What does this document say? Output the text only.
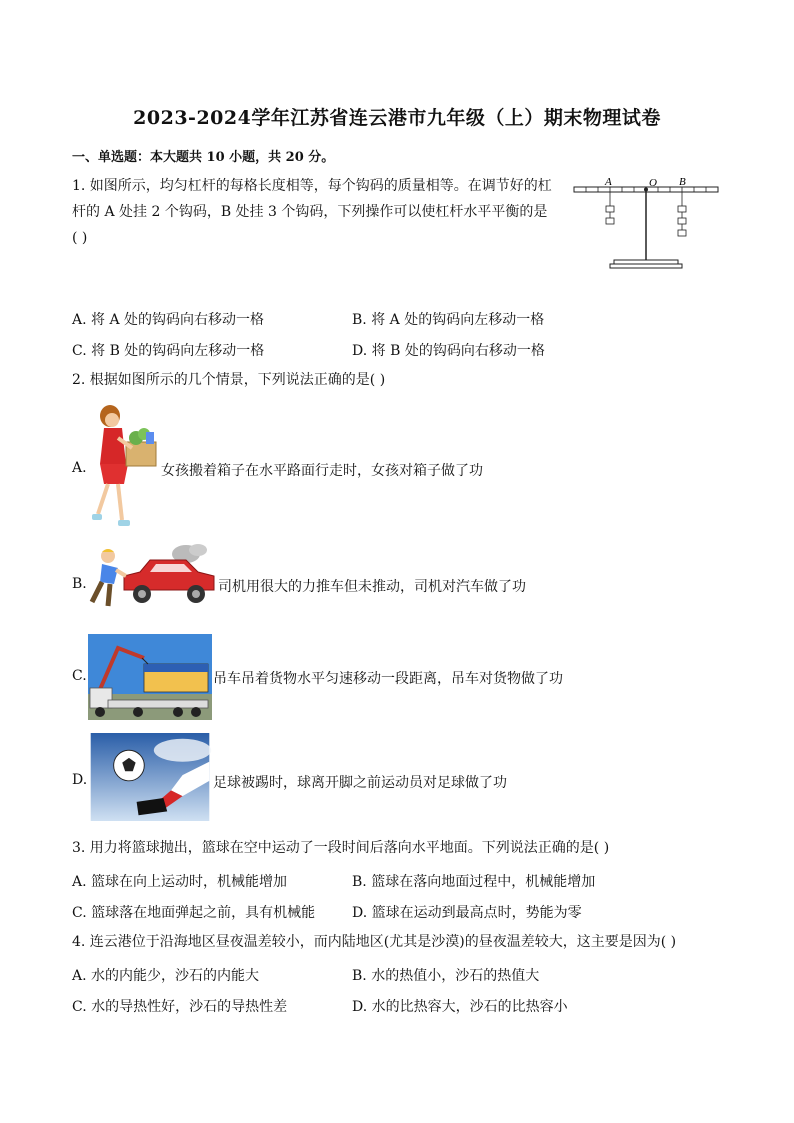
2023-2024学年江苏省连云港市九年级（上）期末物理试卷
一、单选题：本大题共 10 小题，共 20 分。
1. 如图所示，均匀杠杆的每格长度相等，每个钩码的质量相等。在调节好的杠杆的 A 处挂 2 个钩码，B 处挂 3 个钩码，下列操作可以使杠杆水平平衡的是( )
A	O B
A. 将 A 处的钩码向右移动一格	B. 将 A 处的钩码向左移动一格
C. 将 B 处的钩码向左移动一格	D. 将 B 处的钩码向右移动一格
2. 根据如图所示的几个情景，下列说法正确的是( )
A.	女孩搬着箱子在水平路面行走时，女孩对箱子做了功
B.	司机用很大的力推车但未推动，司机对汽车做了功
C.	吊车吊着货物水平匀速移动一段距离，吊车对货物做了功
D.	足球被踢时，球离开脚之前运动员对足球做了功
3. 用力将篮球抛出，篮球在空中运动了一段时间后落向水平地面。下列说法正确的是( )
A. 篮球在向上运动时，机械能增加	B. 篮球在落向地面过程中，机械能增加
C. 篮球落在地面弹起之前，具有机械能	D. 篮球在运动到最高点时，势能为零
4. 连云港位于沿海地区昼夜温差较小，而内陆地区(尤其是沙漠)的昼夜温差较大，这主要是因为( )
A. 水的内能少，沙石的内能大	B. 水的热值小，沙石的热值大
C. 水的导热性好，沙石的导热性差	D. 水的比热容大，沙石的比热容小
